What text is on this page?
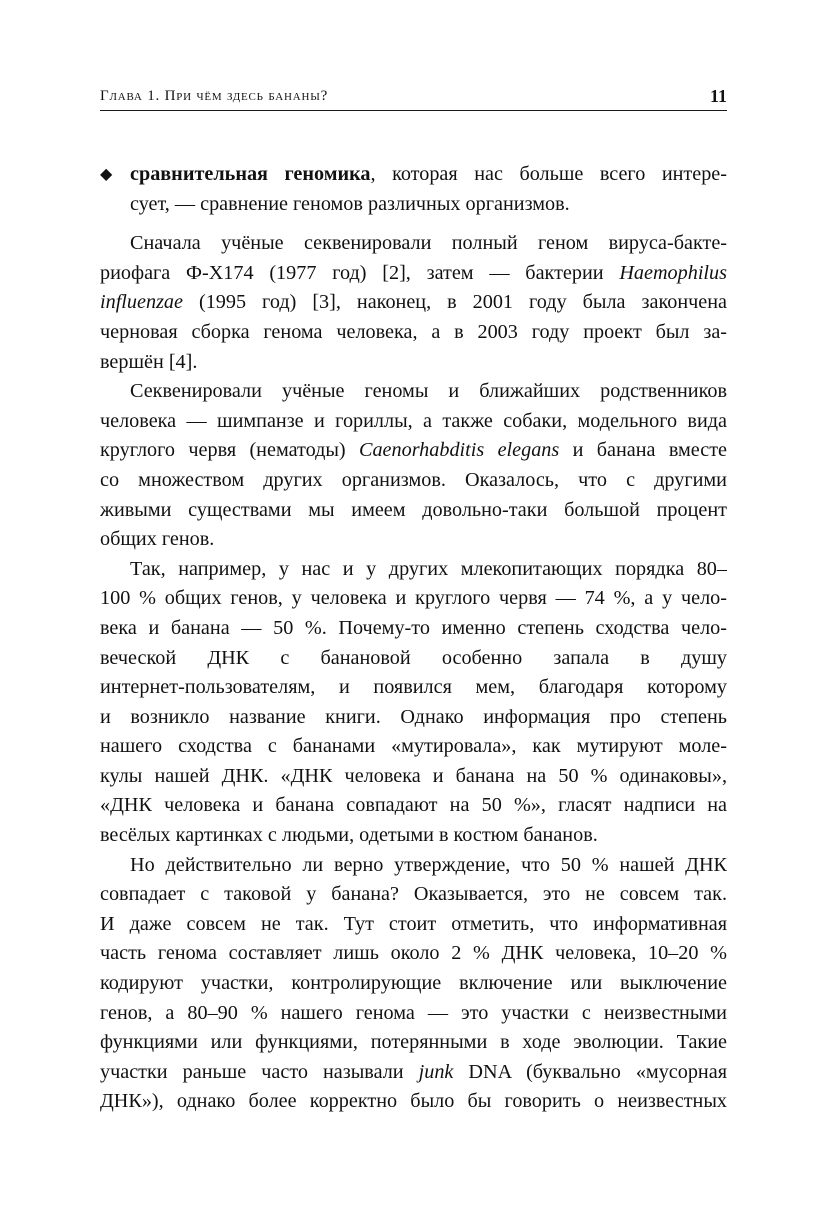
Глава 1. При чём здесь бананы?	11
◆ сравнительная геномика, которая нас больше всего интере-
сует, — сравнение геномов различных организмов.
Сначала учёные секвенировали полный геном вируса-бакте-
риофага Ф-Х174 (1977 год) [2], затем — бактерии Haemophilus
influenzae (1995 год) [3], наконец, в 2001 году была закончена
черновая сборка генома человека, а в 2003 году проект был за-
вершён [4].
Секвенировали учёные геномы и ближайших родственников
человека — шимпанзе и гориллы, а также собаки, модельного вида
круглого червя (нематоды) Caenorhabditis elegans и банана вместе
со множеством других организмов. Оказалось, что с другими
живыми существами мы имеем довольно-таки большой процент
общих генов.
Так, например, у нас и у других млекопитающих порядка 80–
100 % общих генов, у человека и круглого червя — 74 %, а у чело-
века и банана — 50 %. Почему-то именно степень сходства чело-
веческой ДНК с банановой особенно запала в душу
интернет-пользователям, и появился мем, благодаря которому
и возникло название книги. Однако информация про степень
нашего сходства с бананами «мутировала», как мутируют моле-
кулы нашей ДНК. «ДНК человека и банана на 50 % одинаковы»,
«ДНК человека и банана совпадают на 50 %», гласят надписи на
весёлых картинках с людьми, одетыми в костюм бананов.
Но действительно ли верно утверждение, что 50 % нашей ДНК
совпадает с таковой у банана? Оказывается, это не совсем так.
И даже совсем не так. Тут стоит отметить, что информативная
часть генома составляет лишь около 2 % ДНК человека, 10–20 %
кодируют участки, контролирующие включение или выключение
генов, а 80–90 % нашего генома — это участки с неизвестными
функциями или функциями, потерянными в ходе эволюции. Такие
участки раньше часто называли junk DNA (буквально «мусорная
ДНК»), однако более корректно было бы говорить о неизвестных
